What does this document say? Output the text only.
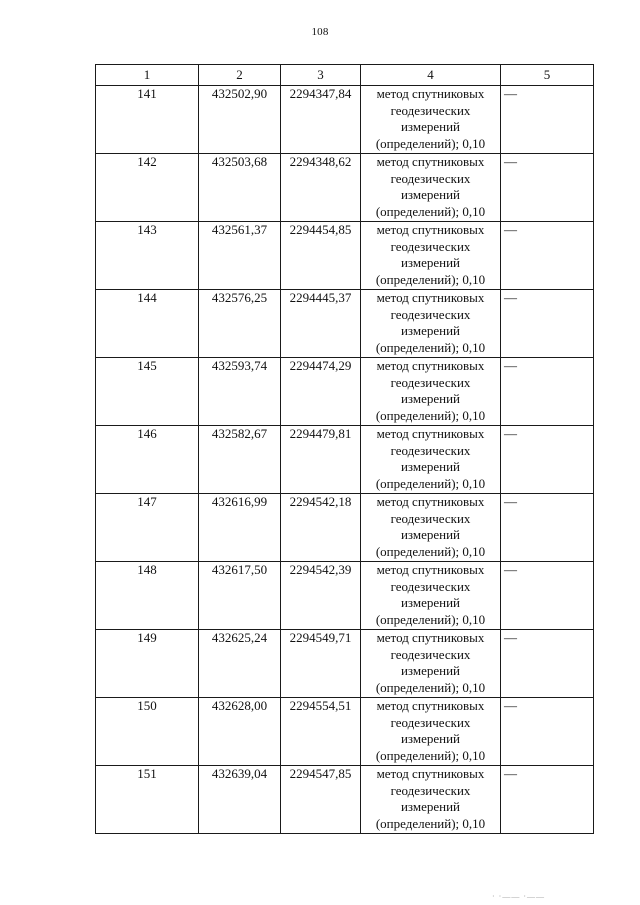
108
1	2	3	4	5
141	432502,90	2294347,84	метод спутниковых
геодезических
измерений
(определений); 0,10	—
142	432503,68	2294348,62	метод спутниковых
геодезических
измерений
(определений); 0,10	—
143	432561,37	2294454,85	метод спутниковых
геодезических
измерений
(определений); 0,10	—
144	432576,25	2294445,37	метод спутниковых
геодезических
измерений
(определений); 0,10	—
145	432593,74	2294474,29	метод спутниковых
геодезических
измерений
(определений); 0,10	—
146	432582,67	2294479,81	метод спутниковых
геодезических
измерений
(определений); 0,10	—
147	432616,99	2294542,18	метод спутниковых
геодезических
измерений
(определений); 0,10	—
148	432617,50	2294542,39	метод спутниковых
геодезических
измерений
(определений); 0,10	—
149	432625,24	2294549,71	метод спутниковых
геодезических
измерений
(определений); 0,10	—
150	432628,00	2294554,51	метод спутниковых
геодезических
измерений
(определений); 0,10	—
151	432639,04	2294547,85	метод спутниковых
геодезических
измерений
(определений); 0,10	—
· ·—— ·——
